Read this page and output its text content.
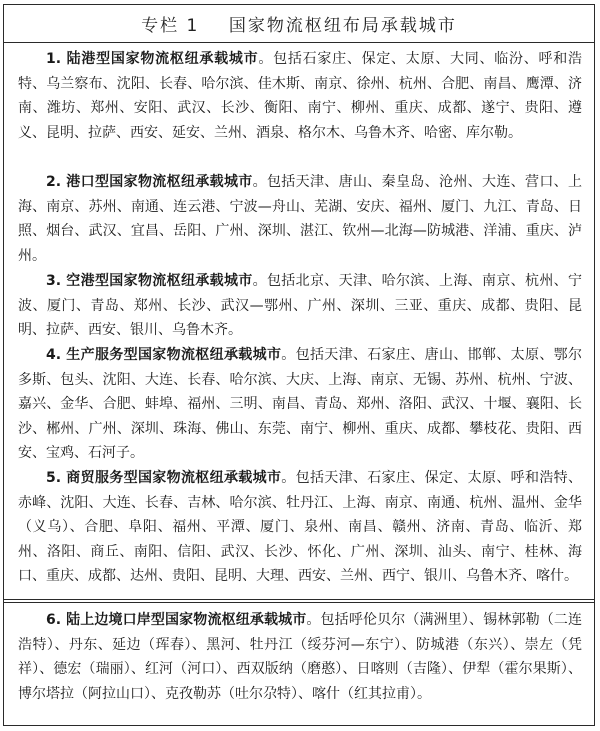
专栏 1    国家物流枢纽布局承载城市

1. 陆港型国家物流枢纽承载城市。包括石家庄、保定、太原、大同、临汾、呼和浩特、乌兰察布、沈阳、长春、哈尔滨、佳木斯、南京、徐州、杭州、合肥、南昌、鹰潭、济南、潍坊、郑州、安阳、武汉、长沙、衡阳、南宁、柳州、重庆、成都、遂宁、贵阳、遵义、昆明、拉萨、西安、延安、兰州、酒泉、格尔木、乌鲁木齐、哈密、库尔勒。

2. 港口型国家物流枢纽承载城市。包括天津、唐山、秦皇岛、沧州、大连、营口、上海、南京、苏州、南通、连云港、宁波—舟山、芜湖、安庆、福州、厦门、九江、青岛、日照、烟台、武汉、宜昌、岳阳、广州、深圳、湛江、钦州—北海—防城港、洋浦、重庆、泸州。

3. 空港型国家物流枢纽承载城市。包括北京、天津、哈尔滨、上海、南京、杭州、宁波、厦门、青岛、郑州、长沙、武汉—鄂州、广州、深圳、三亚、重庆、成都、贵阳、昆明、拉萨、西安、银川、乌鲁木齐。

4. 生产服务型国家物流枢纽承载城市。包括天津、石家庄、唐山、邯郸、太原、鄂尔多斯、包头、沈阳、大连、长春、哈尔滨、大庆、上海、南京、无锡、苏州、杭州、宁波、嘉兴、金华、合肥、蚌埠、福州、三明、南昌、青岛、郑州、洛阳、武汉、十堰、襄阳、长沙、郴州、广州、深圳、珠海、佛山、东莞、南宁、柳州、重庆、成都、攀枝花、贵阳、西安、宝鸡、石河子。

5. 商贸服务型国家物流枢纽承载城市。包括天津、石家庄、保定、太原、呼和浩特、赤峰、沈阳、大连、长春、吉林、哈尔滨、牡丹江、上海、南京、南通、杭州、温州、金华（义乌）、合肥、阜阳、福州、平潭、厦门、泉州、南昌、赣州、济南、青岛、临沂、郑州、洛阳、商丘、南阳、信阳、武汉、长沙、怀化、广州、深圳、汕头、南宁、桂林、海口、重庆、成都、达州、贵阳、昆明、大理、西安、兰州、西宁、银川、乌鲁木齐、喀什。

6. 陆上边境口岸型国家物流枢纽承载城市。包括呼伦贝尔（满洲里）、锡林郭勒（二连浩特）、丹东、延边（珲春）、黑河、牡丹江（绥芬河—东宁）、防城港（东兴）、崇左（凭祥）、德宏（瑞丽）、红河（河口）、西双版纳（磨憨）、日喀则（吉隆）、伊犁（霍尔果斯）、博尔塔拉（阿拉山口）、克孜勒苏（吐尔尕特）、喀什（红其拉甫）。
